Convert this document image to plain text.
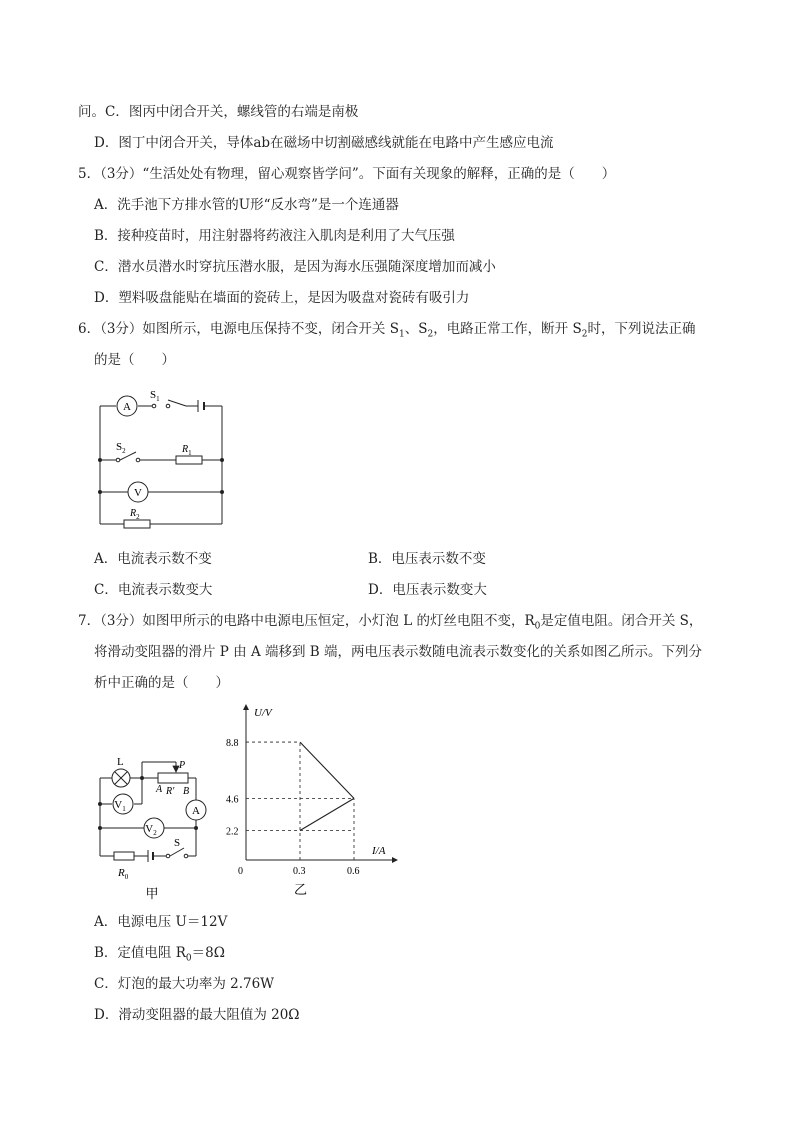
问。C．图丙中闭合开关，螺线管的右端是南极
D．图丁中闭合开关，导体ab在磁场中切割磁感线就能在电路中产生感应电流
5．（3分）“生活处处有物理，留心观察皆学问”。下面有关现象的解释，正确的是（　　）
A．洗手池下方排水管的U形“反水弯”是一个连通器
B．接种疫苗时，用注射器将药液注入肌肉是利用了大气压强
C．潜水员潜水时穿抗压潜水服，是因为海水压强随深度增加而减小
D．塑料吸盘能贴在墙面的瓷砖上，是因为吸盘对瓷砖有吸引力
6．（3分）如图所示，电源电压保持不变，闭合开关 $S_1$、$S_2$，电路正常工作，断开 $S_2$时，下列说法正确
的是（　　）
A
V
$S_1$
$S_2$	$R_1$
$R_2$
A．电流表示数不变	B．电压表示数不变
C．电流表示数变大	D．电压表示数变大
7．（3分）如图甲所示的电路中电源电压恒定，小灯泡 L 的灯丝电阻不变，$R_0$是定值电阻。闭合开关 S，
将滑动变阻器的滑片 P 由 A 端移到 B 端，两电压表示数随电流表示数变化的关系如图乙所示。下列分
析中正确的是（　　）
$V_1$
$V_2$
A
L	P
A R′ B
$R_0$
S
甲
U/V
I/A
0
2.2
4.6
8.8
0.3	0.6
乙
A．电源电压 U＝12V
B．定值电阻 $R_0=8\Omega$
C．灯泡的最大功率为 2.76W
D．滑动变阻器的最大阻值为 20Ω
